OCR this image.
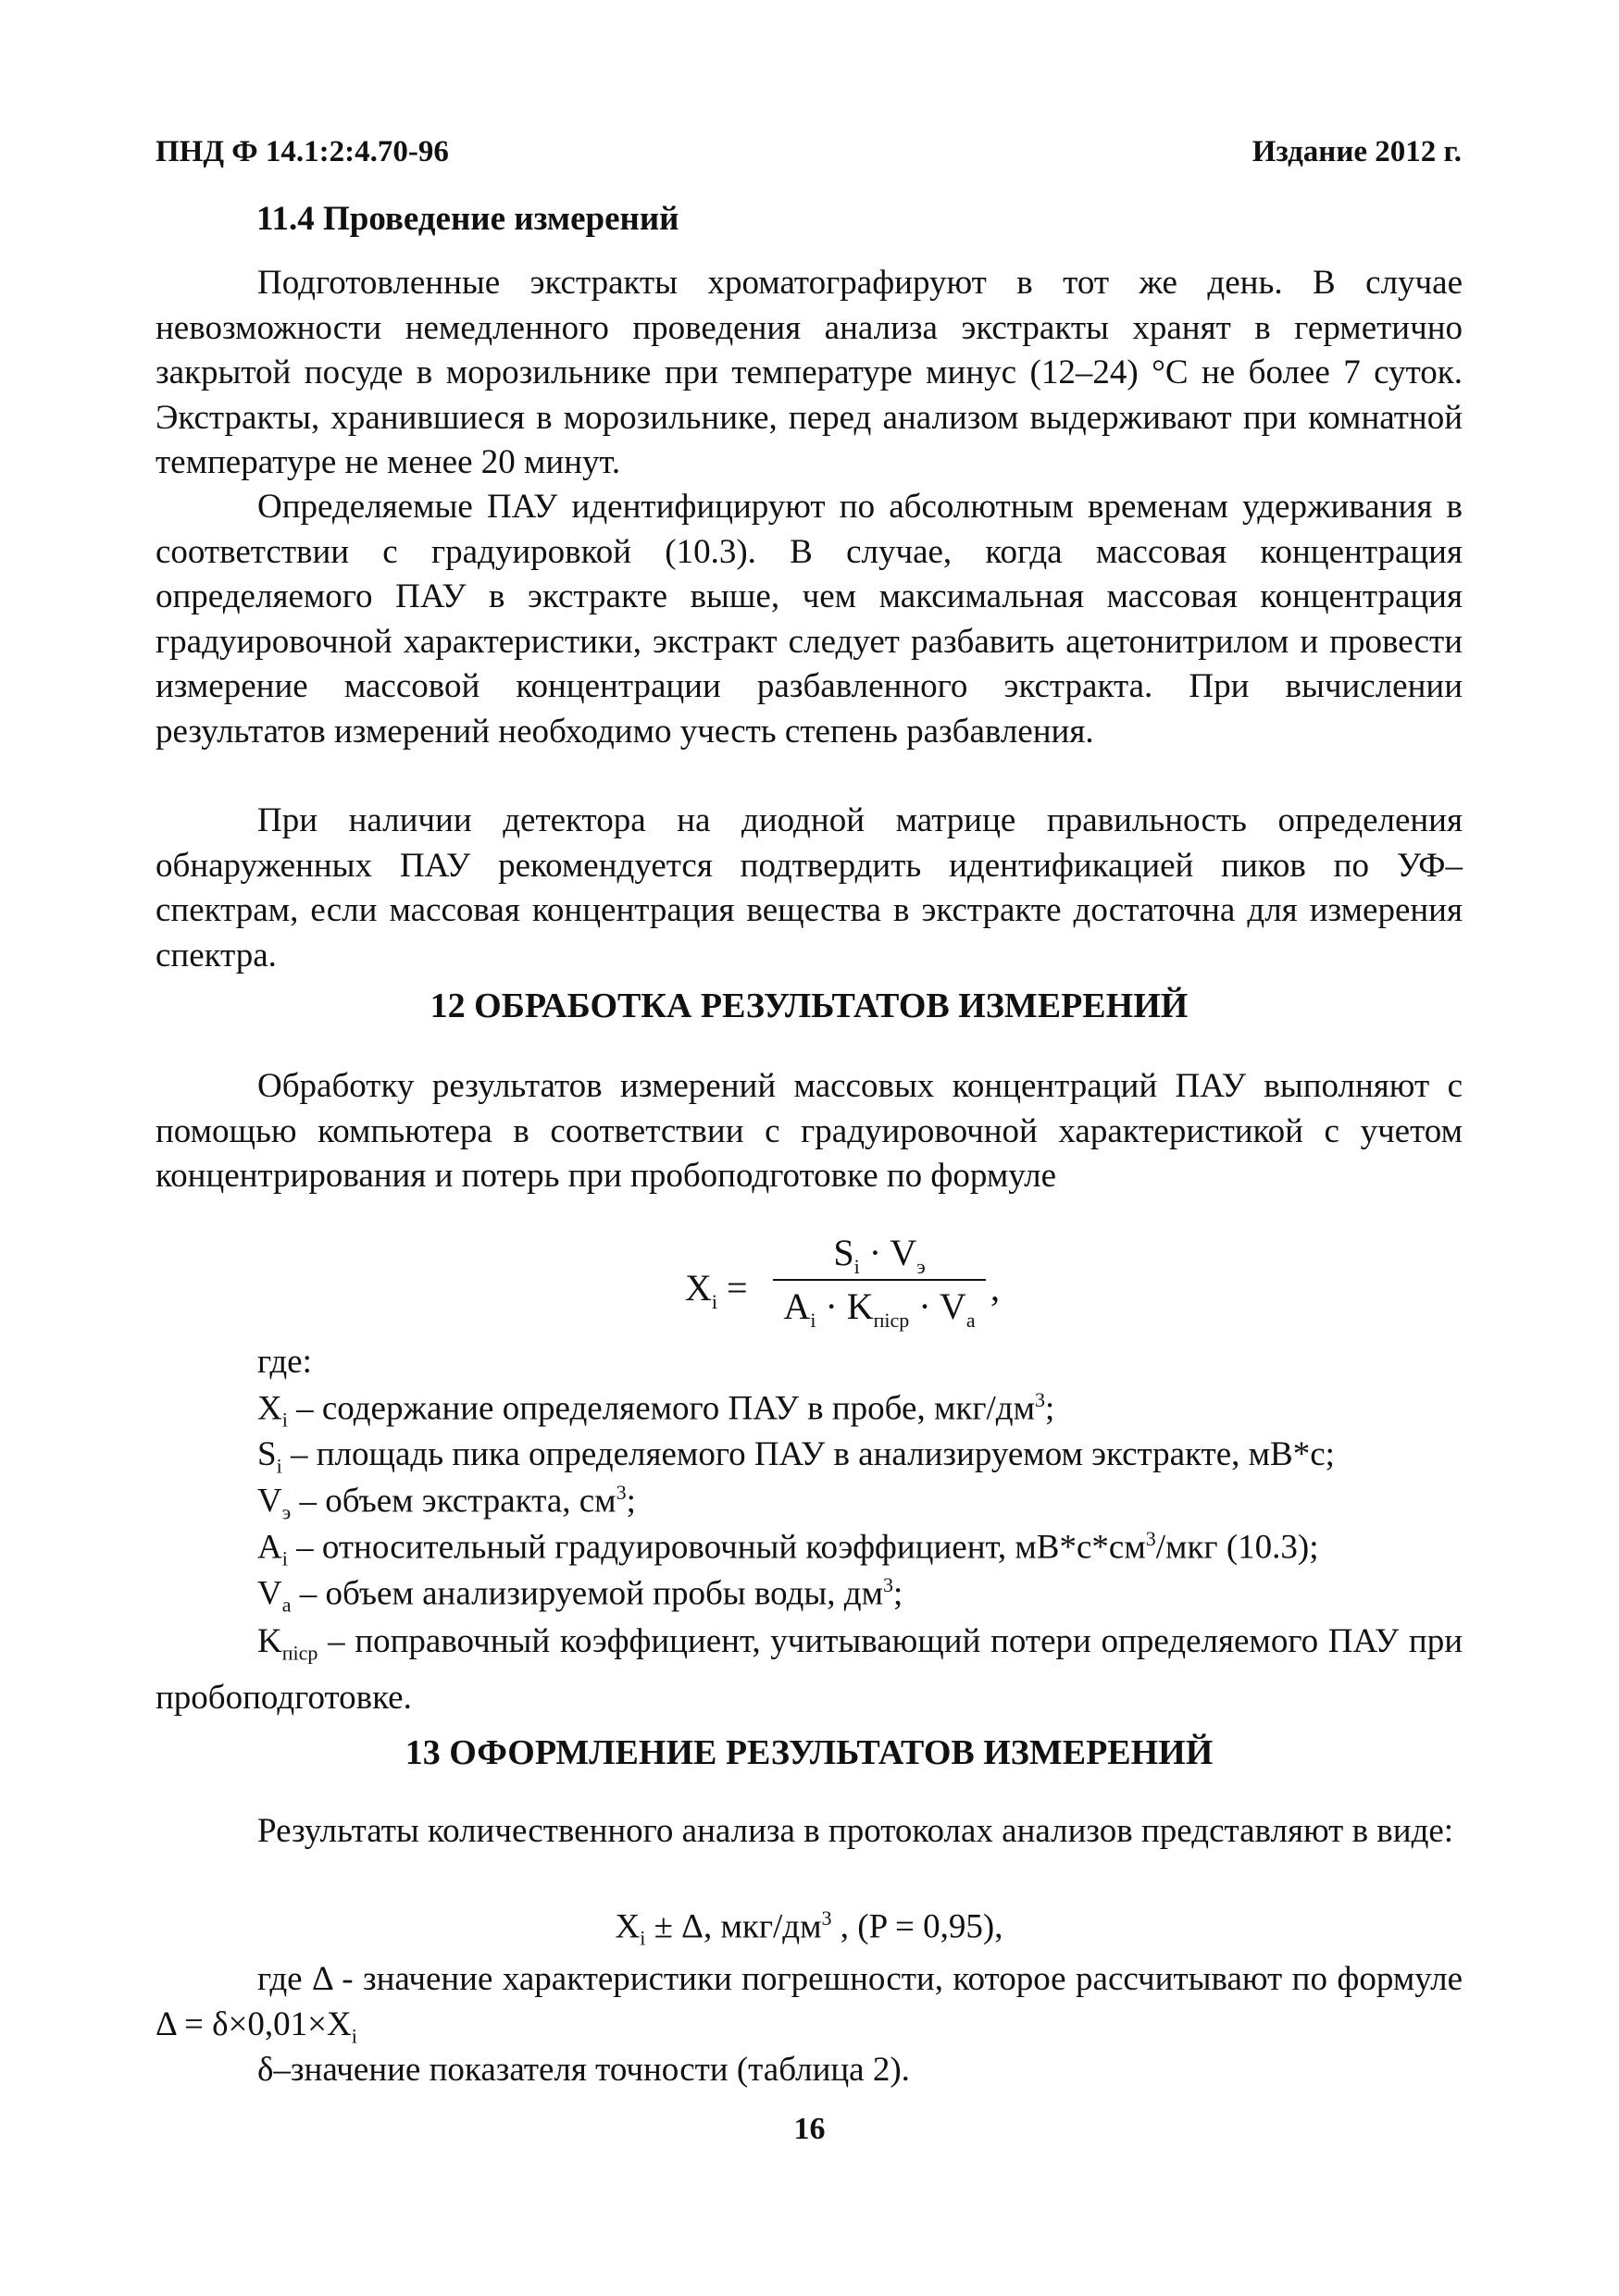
ПНД Ф 14.1:2:4.70-96	Издание 2012 г.
11.4 Проведение измерений

Подготовленные экстракты хроматографируют в тот же день. В случае невозможности немедленного проведения анализа экстракты хранят в герметично закрытой посуде в морозильнике при температуре минус (12–24) °С не более 7 суток. Экстракты, хранившиеся в морозильнике, перед анализом выдерживают при комнатной температуре не менее 20 минут.

Определяемые ПАУ идентифицируют по абсолютным временам удерживания в соответствии с градуировкой (10.3). В случае, когда массовая концентрация определяемого ПАУ в экстракте выше, чем максимальная массовая концентрация градуировочной характеристики, экстракт следует разбавить ацетонитрилом и провести измерение массовой концентрации разбавленного экстракта. При вычислении результатов измерений необходимо учесть степень разбавления.

При наличии детектора на диодной матрице правильность определения обнаруженных ПАУ рекомендуется подтвердить идентификацией пиков по УФ–спектрам, если массовая концентрация вещества в экстракте достаточна для измерения спектра.

12 ОБРАБОТКА РЕЗУЛЬТАТОВ ИЗМЕРЕНИЙ

Обработку результатов измерений массовых концентраций ПАУ выполняют с помощью компьютера в соответствии с градуировочной характеристикой с учетом концентрирования и потерь при пробоподготовке по формуле

$X_i$ =
$S_i \cdot V_э$
$A_i \cdot K_{пісp} \cdot V_a$
,
где:
$X_i$ – содержание определяемого ПАУ в пробе, мкг/$дм^3$;
$S_i$ – площадь пика определяемого ПАУ в анализируемом экстракте, мВ*с;
$V_э$ – объем экстракта, $см^3$;
$A_i$ – относительный градуировочный коэффициент, $мВ*с*см^3$/мкг (10.3);
$V_a$ – объем анализируемой пробы воды, $дм^3$;

$K_{пісp}$ – поправочный коэффициент, учитывающий потери определяемого ПАУ при пробоподготовке.

13 ОФОРМЛЕНИЕ РЕЗУЛЬТАТОВ ИЗМЕРЕНИЙ

Результаты количественного анализа в протоколах анализов представляют в виде:

$X_i \pm \Delta$, мкг/$дм^3$ , (P = 0,95),

где Δ - значение характеристики погрешности, которое рассчитывают по формуле $\Delta = \delta\times 0,01\times X_i$

δ–значение показателя точности (таблица 2).
16
